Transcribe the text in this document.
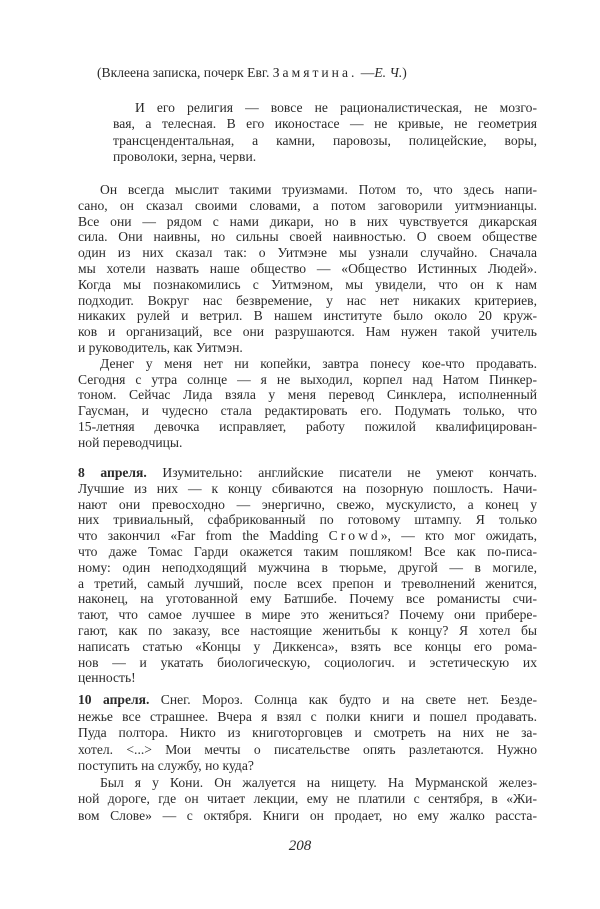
(Вклеена записка, почерк Евг. Замятина. —Е. Ч.)
И его религия — вовсе не рационалистическая, не мозго-
вая, а телесная. В его иконостасе — не кривые, не геометрия
трансцендентальная, а камни, паровозы, полицейские, воры,
проволоки, зерна, черви.
Он всегда мыслит такими труизмами. Потом то, что здесь напи-
сано, он сказал своими словами, а потом заговорили уитмэнианцы.
Все они — рядом с нами дикари, но в них чувствуется дикарская
сила. Они наивны, но сильны своей наивностью. О своем обществе
один из них сказал так: о Уитмэне мы узнали случайно. Сначала
мы хотели назвать наше общество — «Общество Истинных Людей».
Когда мы познакомились с Уитмэном, мы увидели, что он к нам
подходит. Вокруг нас безвремение, у нас нет никаких критериев,
никаких рулей и ветрил. В нашем институте было около 20 круж-
ков и организаций, все они разрушаются. Нам нужен такой учитель
и руководитель, как Уитмэн.
Денег у меня нет ни копейки, завтра понесу кое-что продавать.
Сегодня с утра солнце — я не выходил, корпел над Натом Пинкер-
тоном. Сейчас Лида взяла у меня перевод Синклера, исполненный
Гаусман, и чудесно стала редактировать его. Подумать только, что
15-летняя девочка исправляет, работу пожилой квалифицирован-
ной переводчицы.
8 апреля. Изумительно: английские писатели не умеют кончать.
Лучшие из них — к концу сбиваются на позорную пошлость. Начи-
нают они превосходно — энергично, свежо, мускулисто, а конец у
них тривиальный, сфабрикованный по готовому штампу. Я только
что закончил «Far from the Madding Crowd», — кто мог ожидать,
что даже Томас Гарди окажется таким пошляком! Все как по-писа-
ному: один неподходящий мужчина в тюрьме, другой — в могиле,
а третий, самый лучший, после всех препон и треволнений женится,
наконец, на уготованной ему Батшибе. Почему все романисты счи-
тают, что самое лучшее в мире это жениться? Почему они прибере-
гают, как по заказу, все настоящие женитьбы к концу? Я хотел бы
написать статью «Концы у Диккенса», взять все концы его рома-
нов — и укатать биологическую, социологич. и эстетическую их
ценность!
10 апреля. Снег. Мороз. Солнца как будто и на свете нет. Безде-
нежье все страшнее. Вчера я взял с полки книги и пошел продавать.
Пуда полтора. Никто из книготорговцев и смотреть на них не за-
хотел. <...> Мои мечты о писательстве опять разлетаются. Нужно
поступить на службу, но куда?
Был я у Кони. Он жалуется на нищету. На Мурманской желез-
ной дороге, где он читает лекции, ему не платили с сентября, в «Жи-
вом Слове» — с октября. Книги он продает, но ему жалко расста-
208
